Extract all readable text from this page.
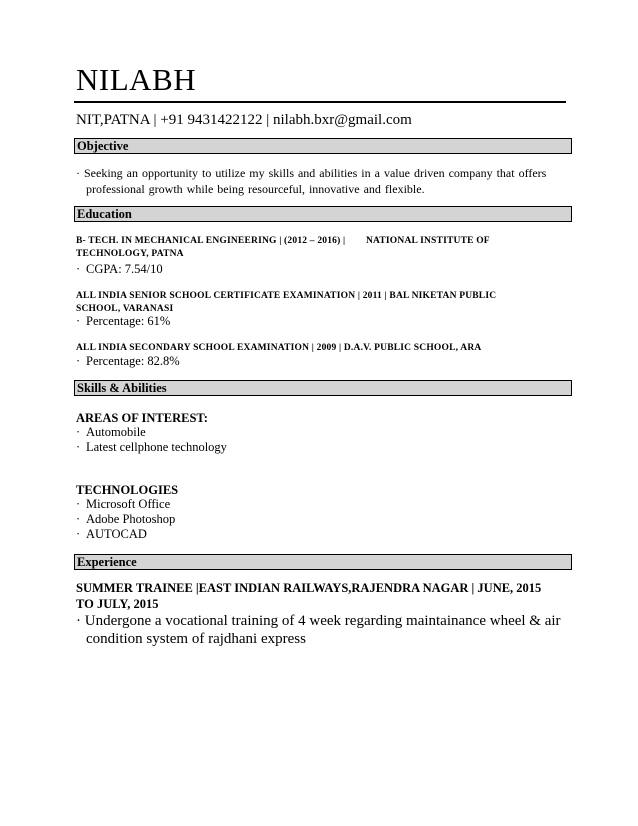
NILABH
NIT,PATNA | +91 9431422122 | nilabh.bxr@gmail.com
Objective
· Seeking an opportunity to utilize my skills and abilities in a value driven company that offers professional growth while being resourceful, innovative and flexible.
Education
B- TECH. IN MECHANICAL ENGINEERING | (2012 – 2016) |        NATIONAL INSTITUTE OF
TECHNOLOGY, PATNA
· CGPA: 7.54/10
ALL INDIA SENIOR SCHOOL CERTIFICATE EXAMINATION | 2011 | BAL NIKETAN PUBLIC
SCHOOL, VARANASI
· Percentage: 61%
ALL INDIA SECONDARY SCHOOL EXAMINATION | 2009 | D.A.V. PUBLIC SCHOOL, ARA
· Percentage: 82.8%
Skills & Abilities
AREAS OF INTEREST:
· Automobile
· Latest cellphone technology
TECHNOLOGIES
· Microsoft Office
· Adobe Photoshop
· AUTOCAD
Experience
SUMMER TRAINEE |EAST INDIAN RAILWAYS,RAJENDRA NAGAR | JUNE, 2015 TO JULY, 2015
· Undergone a vocational training of 4 week regarding maintainance wheel & air condition system of rajdhani express
